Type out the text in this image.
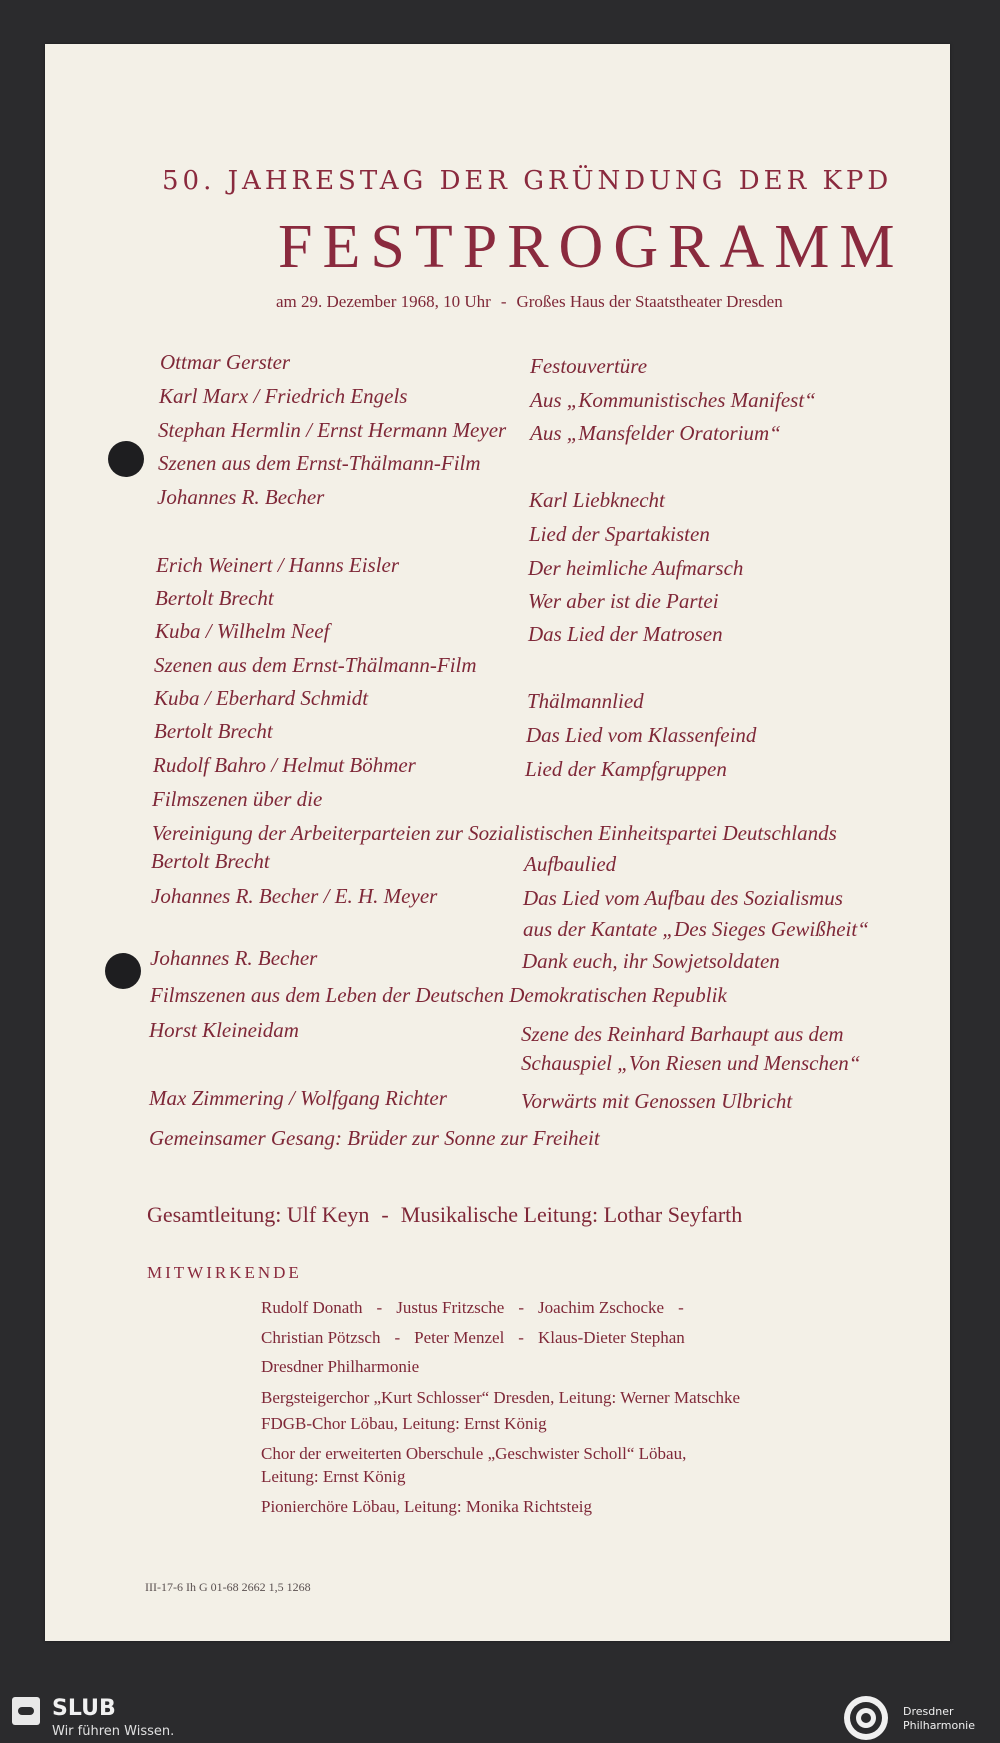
50. JAHRESTAG DER GRÜNDUNG DER KPD
FESTPROGRAMM
am 29. Dezember 1968, 10 Uhr - Großes Haus der Staatstheater Dresden
Ottmar Gerster	Festouvertüre
Karl Marx / Friedrich Engels	Aus „Kommunistisches Manifest“
Stephan Hermlin / Ernst Hermann Meyer Aus „Mansfelder Oratorium“
Szenen aus dem Ernst-Thälmann-Film
Johannes R. Becher	Karl Liebknecht
Lied der Spartakisten
Erich Weinert / Hanns Eisler	Der heimliche Aufmarsch
Bertolt Brecht	Wer aber ist die Partei
Kuba / Wilhelm Neef	Das Lied der Matrosen
Szenen aus dem Ernst-Thälmann-Film
Kuba / Eberhard Schmidt	Thälmannlied
Bertolt Brecht	Das Lied vom Klassenfeind
Rudolf Bahro / Helmut Böhmer	Lied der Kampfgruppen
Filmszenen über die
Vereinigung der Arbeiterparteien zur Sozialistischen Einheitspartei Deutschlands
Bertolt Brecht	Aufbaulied
Johannes R. Becher / E. H. Meyer	Das Lied vom Aufbau des Sozialismus
aus der Kantate „Des Sieges Gewißheit“
Johannes R. Becher	Dank euch, ihr Sowjetsoldaten
Filmszenen aus dem Leben der Deutschen Demokratischen Republik
Horst Kleineidam	Szene des Reinhard Barhaupt aus dem
Schauspiel „Von Riesen und Menschen“
Max Zimmering / Wolfgang Richter	Vorwärts mit Genossen Ulbricht
Gemeinsamer Gesang: Brüder zur Sonne zur Freiheit
Gesamtleitung: Ulf Keyn - Musikalische Leitung: Lothar Seyfarth
MITWIRKENDE
Rudolf Donath - Justus Fritzsche - Joachim Zschocke -
Christian Pötzsch - Peter Menzel - Klaus-Dieter Stephan
Dresdner Philharmonie
Bergsteigerchor „Kurt Schlosser“ Dresden, Leitung: Werner Matschke
FDGB-Chor Löbau, Leitung: Ernst König
Chor der erweiterten Oberschule „Geschwister Scholl“ Löbau,
Leitung: Ernst König
Pionierchöre Löbau, Leitung: Monika Richtsteig
III-17-6 Ih G 01-68 2662 1,5 1268
SLUB
Wir führen Wissen.
Dresdner
Philharmonie
